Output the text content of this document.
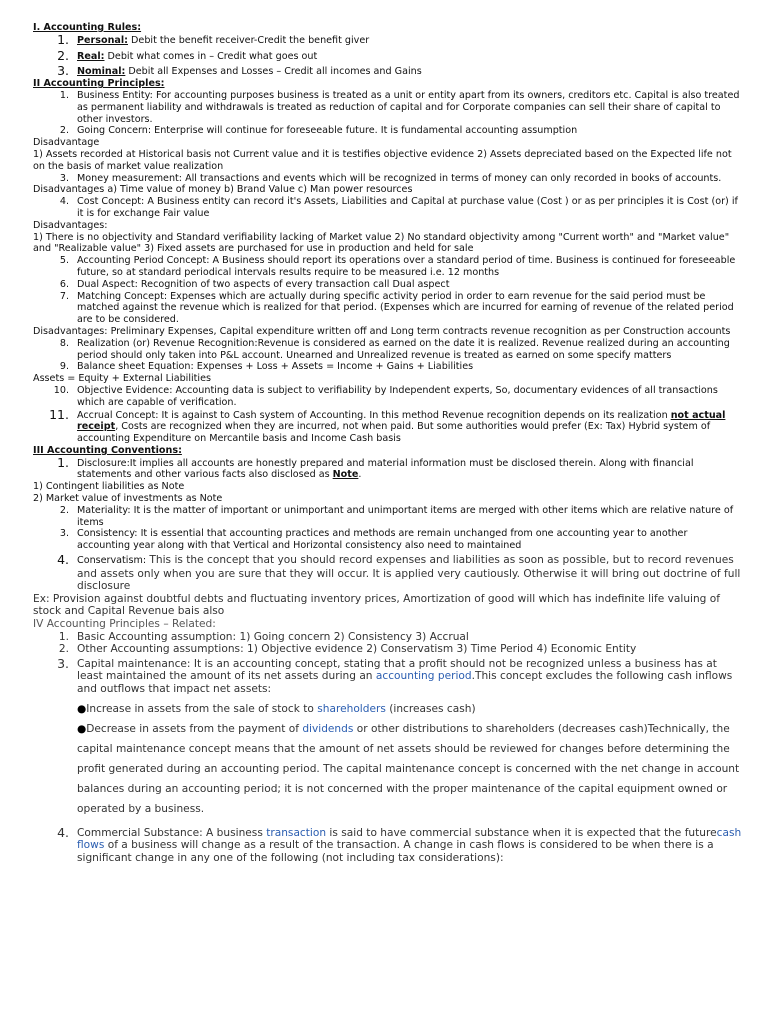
I. Accounting Rules:
1. Personal: Debit the benefit receiver-Credit the benefit giver
2. Real: Debit what comes in – Credit what goes out
3. Nominal: Debit all Expenses and Losses – Credit all incomes and Gains
II Accounting Principles:
1. Business Entity: For accounting purposes business is treated as a unit or entity apart from its owners, creditors etc. Capital is also treated as permanent liability and withdrawals is treated as reduction of capital and for Corporate companies can sell their share of capital to other investors.
2. Going Concern: Enterprise will continue for foreseeable future. It is fundamental accounting assumption
Disadvantage
1) Assets recorded at Historical basis not Current value and it is testifies objective evidence 2) Assets depreciated based on the Expected life not on the basis of market value realization
3. Money measurement: All transactions and events which will be recognized in terms of money can only recorded in books of accounts.
Disadvantages a) Time value of money b) Brand Value c) Man power resources
4. Cost Concept: A Business entity can record it's Assets, Liabilities and Capital at purchase value (Cost ) or as per principles it is Cost (or) if it is for exchange Fair value
Disadvantages:
1) There is no objectivity and Standard verifiability lacking of Market value 2) No standard objectivity among "Current worth" and "Market value" and "Realizable value" 3) Fixed assets are purchased for use in production and held for sale
5. Accounting Period Concept: A Business should report its operations over a standard period of time. Business is continued for foreseeable future, so at standard periodical intervals results require to be measured i.e. 12 months
6. Dual Aspect: Recognition of two aspects of every transaction call Dual aspect
7. Matching Concept: Expenses which are actually during specific activity period in order to earn revenue for the said period must be matched against the revenue which is realized for that period. (Expenses which are incurred for earning of revenue of the related period are to be considered.
Disadvantages: Preliminary Expenses, Capital expenditure written off and Long term contracts revenue recognition as per Construction accounts
8. Realization (or) Revenue Recognition:Revenue is considered as earned on the date it is realized. Revenue realized during an accounting period should only taken into P&L account. Unearned and Unrealized revenue is treated as earned on some specify matters
9. Balance sheet Equation: Expenses + Loss + Assets = Income + Gains + Liabilities
Assets = Equity + External Liabilities
10. Objective Evidence: Accounting data is subject to verifiability by Independent experts, So, documentary evidences of all transactions which are capable of verification.
11. Accrual Concept: It is against to Cash system of Accounting. In this method Revenue recognition depends on its realization not actual receipt, Costs are recognized when they are incurred, not when paid. But some authorities would prefer (Ex: Tax) Hybrid system of accounting Expenditure on Mercantile basis and Income Cash basis
III Accounting Conventions:
1. Disclosure:It implies all accounts are honestly prepared and material information must be disclosed therein. Along with financial statements and other various facts also disclosed as Note.
1) Contingent liabilities as Note
2) Market value of investments as Note
2. Materiality: It is the matter of important or unimportant and unimportant items are merged with other items which are relative nature of items
3. Consistency: It is essential that accounting practices and methods are remain unchanged from one accounting year to another accounting year along with that Vertical and Horizontal consistency also need to maintained
4. Conservatism: This is the concept that you should record expenses and liabilities as soon as possible, but to record revenues and assets only when you are sure that they will occur. It is applied very cautiously. Otherwise it will bring out doctrine of full disclosure
Ex: Provision against doubtful debts and fluctuating inventory prices, Amortization of good will which has indefinite life valuing of stock and Capital Revenue bais also
IV Accounting Principles – Related:
1. Basic Accounting assumption: 1) Going concern 2) Consistency 3) Accrual
2. Other Accounting assumptions: 1) Objective evidence 2) Conservatism 3) Time Period 4) Economic Entity
3. Capital maintenance: It is an accounting concept, stating that a profit should not be recognized unless a business has at least maintained the amount of its net assets during an accounting period.This concept excludes the following cash inflows and outflows that impact net assets:
●Increase in assets from the sale of stock to shareholders (increases cash)
●Decrease in assets from the payment of dividends or other distributions to shareholders (decreases cash)Technically, the capital maintenance concept means that the amount of net assets should be reviewed for changes before determining the profit generated during an accounting period. The capital maintenance concept is concerned with the net change in account balances during an accounting period; it is not concerned with the proper maintenance of the capital equipment owned or operated by a business.
4. Commercial Substance: A business transaction is said to have commercial substance when it is expected that the futurecash flows of a business will change as a result of the transaction. A change in cash flows is considered to be when there is a significant change in any one of the following (not including tax considerations):
